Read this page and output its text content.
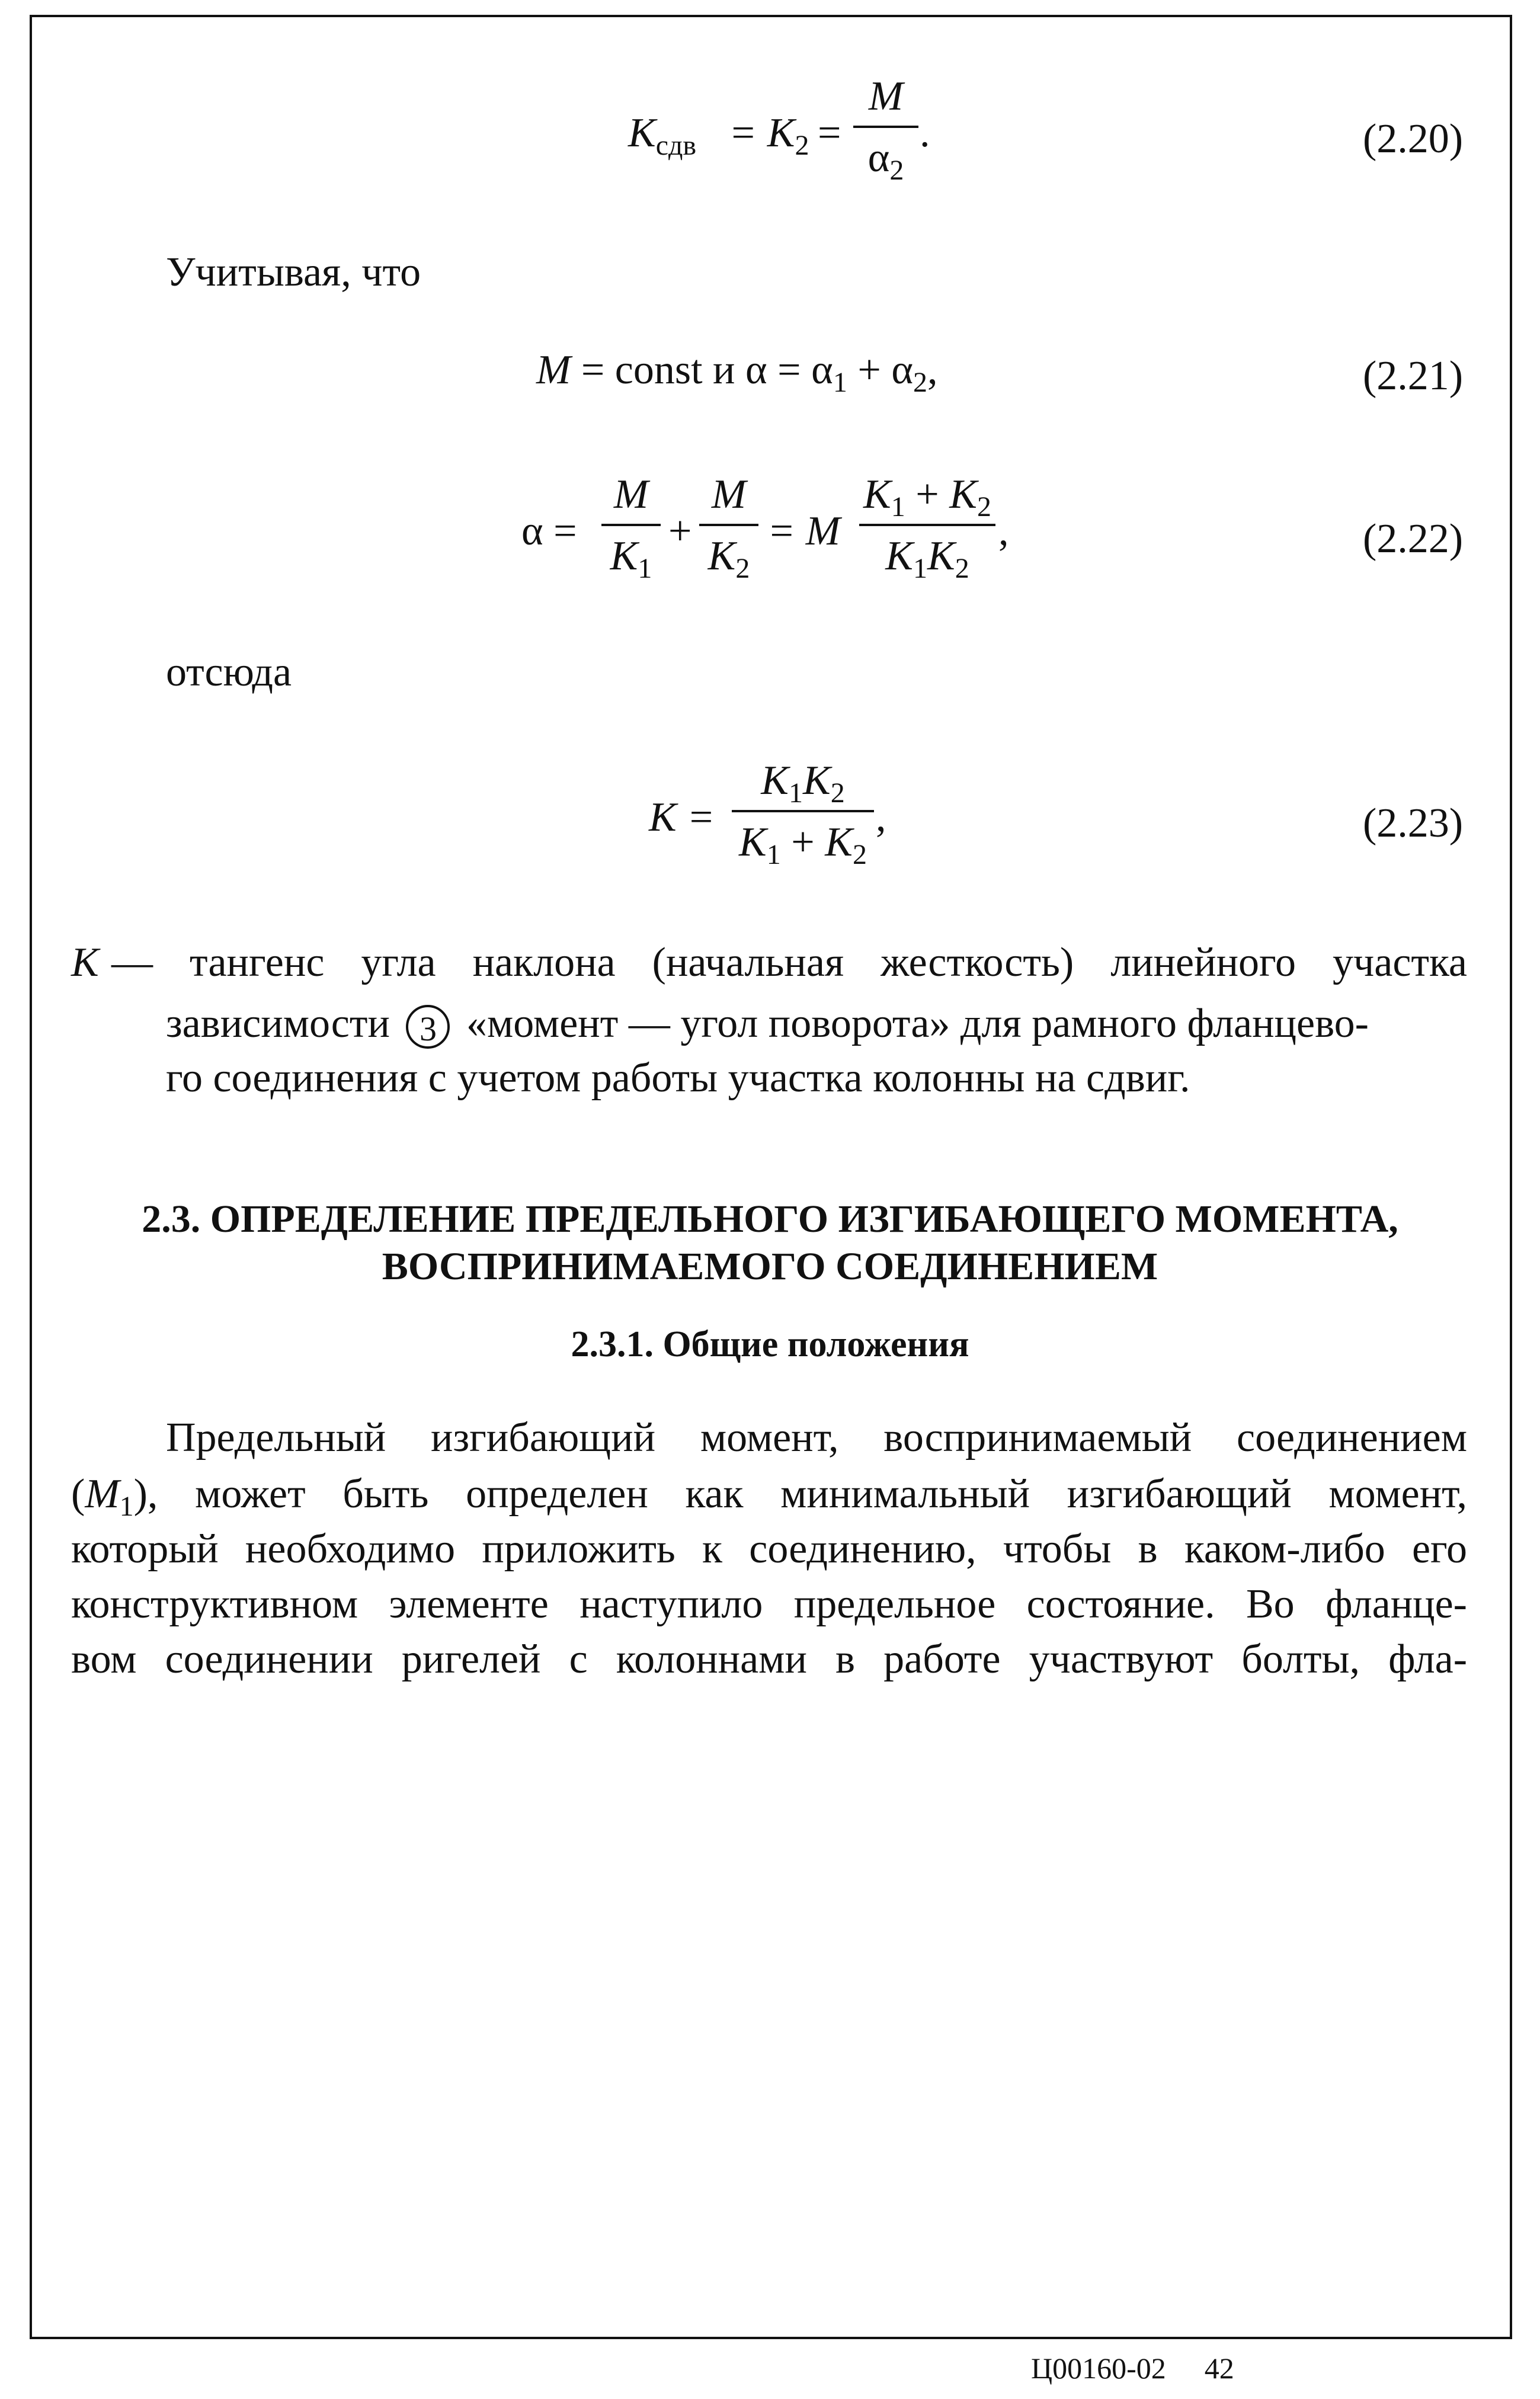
$K_{сдв} = K_2$ =
M
$\alpha_2$
.	(2.20)
Учитывая, что
M = const и $\alpha = \alpha_1 + \alpha_2$,	(2.21)
α =
M
$K_1$
+
M
$K_2$
= M
$K_1 + K_2$
$K_1K_2$
,	(2.22)
отсюда
K =
$K_1K_2$
$K_1 + K_2$
,	(2.23)
K — тангенс угла наклона (начальная жесткость) линейного участка
зависимости 3 «момент — угол поворота» для рамного фланцево-
го соединения с учетом работы участка колонны на сдвиг.
2.3. ОПРЕДЕЛЕНИЕ ПРЕДЕЛЬНОГО ИЗГИБАЮЩЕГО МОМЕНТА,
ВОСПРИНИМАЕМОГО СОЕДИНЕНИЕМ
2.3.1. Общие положения
Предельный изгибающий момент, воспринимаемый соединением
$(M_1)$, может быть определен как минимальный изгибающий момент,
который необходимо приложить к соединению, чтобы в каком-либо его
конструктивном элементе наступило предельное состояние. Во фланце-
вом соединении ригелей с колоннами в работе участвуют болты, фла-
Ц00160-02 42
